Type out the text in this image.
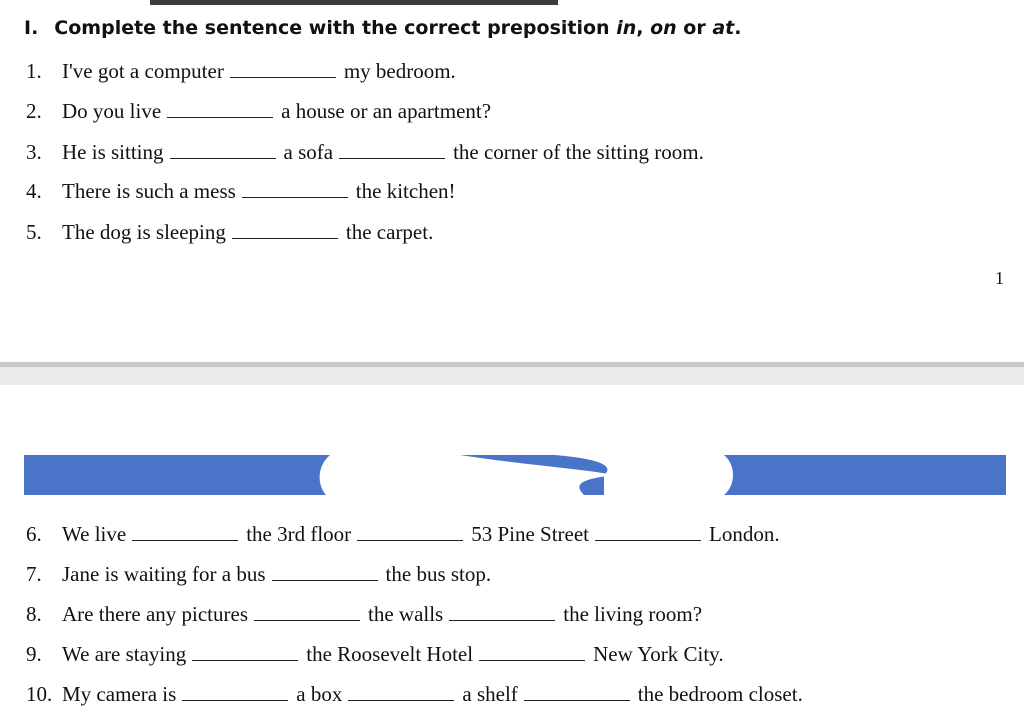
I. Complete the sentence with the correct preposition in, on or at.
1. I've got a computer	my bedroom.
2. Do you live	a house or an apartment?
3. He is sitting	a sofa	the corner of the sitting room.
4. There is such a mess	the kitchen!
5. The dog is sleeping	the carpet.
1
6. We live	the 3rd floor	53 Pine Street	London.
7. Jane is waiting for a bus	the bus stop.
8. Are there any pictures	the walls	the living room?
9. We are staying	the Roosevelt Hotel	New York City.
10. My camera is	a box	a shelf	the bedroom closet.
